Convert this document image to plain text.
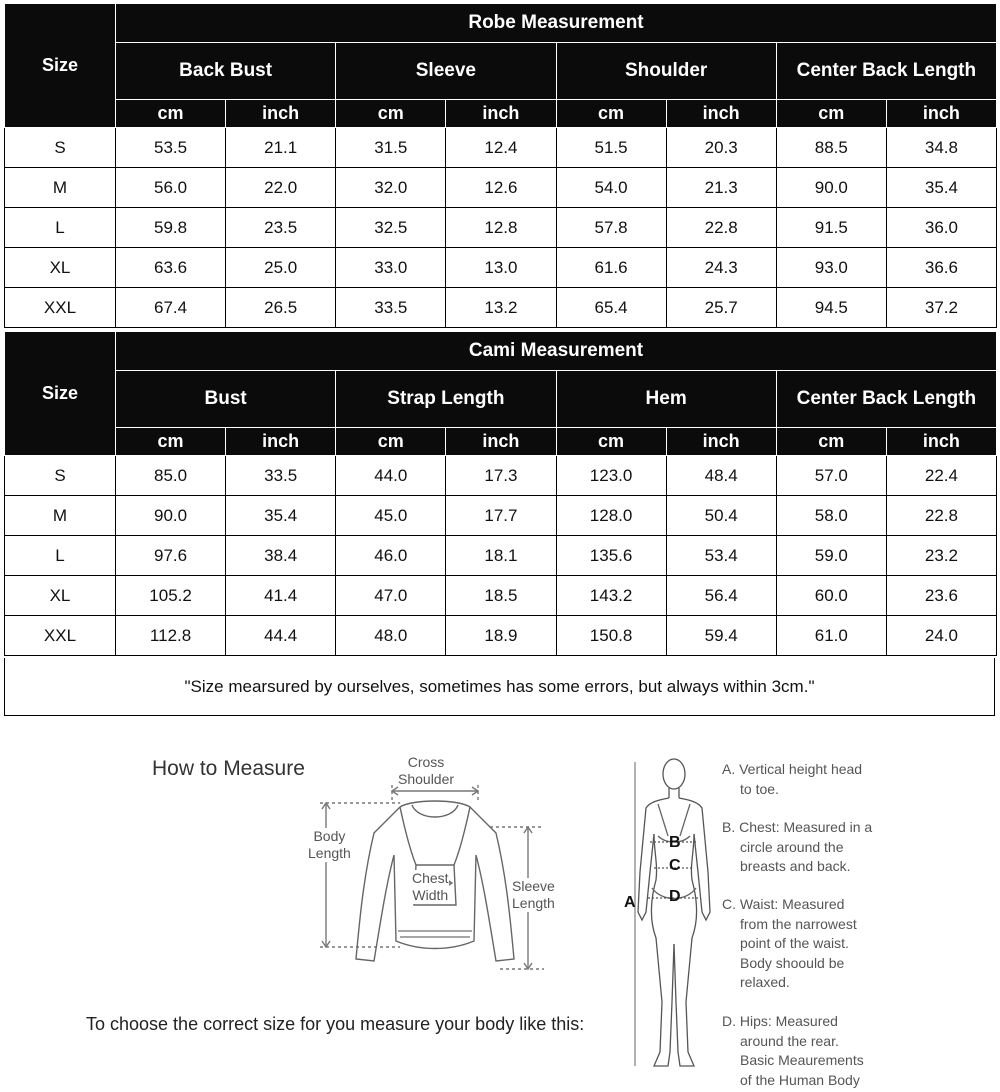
Size	Robe Measurement							
	Back Bust		Sleeve		Shoulder		Center Back Length	
	cm	inch	cm	inch	cm	inch	cm	inch
S	53.5	21.1	31.5	12.4	51.5	20.3	88.5	34.8
M	56.0	22.0	32.0	12.6	54.0	21.3	90.0	35.4
L	59.8	23.5	32.5	12.8	57.8	22.8	91.5	36.0
XL	63.6	25.0	33.0	13.0	61.6	24.3	93.0	36.6
XXL	67.4	26.5	33.5	13.2	65.4	25.7	94.5	37.2
Size	Cami Measurement							
	Bust		Strap Length		Hem		Center Back Length	
	cm	inch	cm	inch	cm	inch	cm	inch
S	85.0	33.5	44.0	17.3	123.0	48.4	57.0	22.4
M	90.0	35.4	45.0	17.7	128.0	50.4	58.0	22.8
L	97.6	38.4	46.0	18.1	135.6	53.4	59.0	23.2
XL	105.2	41.4	47.0	18.5	143.2	56.4	60.0	23.6
XXL	112.8	44.4	48.0	18.9	150.8	59.4	61.0	24.0
"Size mearsured by ourselves, sometimes has some errors, but always within 3cm."
How to Measure	Cross
Shoulder
Body
Length
Chest
Width
Sleeve
Length
To choose the correct size for you measure your body like this:
A
B
C
D
A. Vertical height head
to toe.
B. Chest: Measured in a
circle around the
breasts and back.
C. Waist: Measured
from the narrowest
point of the waist.
Body shoould be
relaxed.
D. Hips: Measured
around the rear.
Basic Meaurements
of the Human Body
